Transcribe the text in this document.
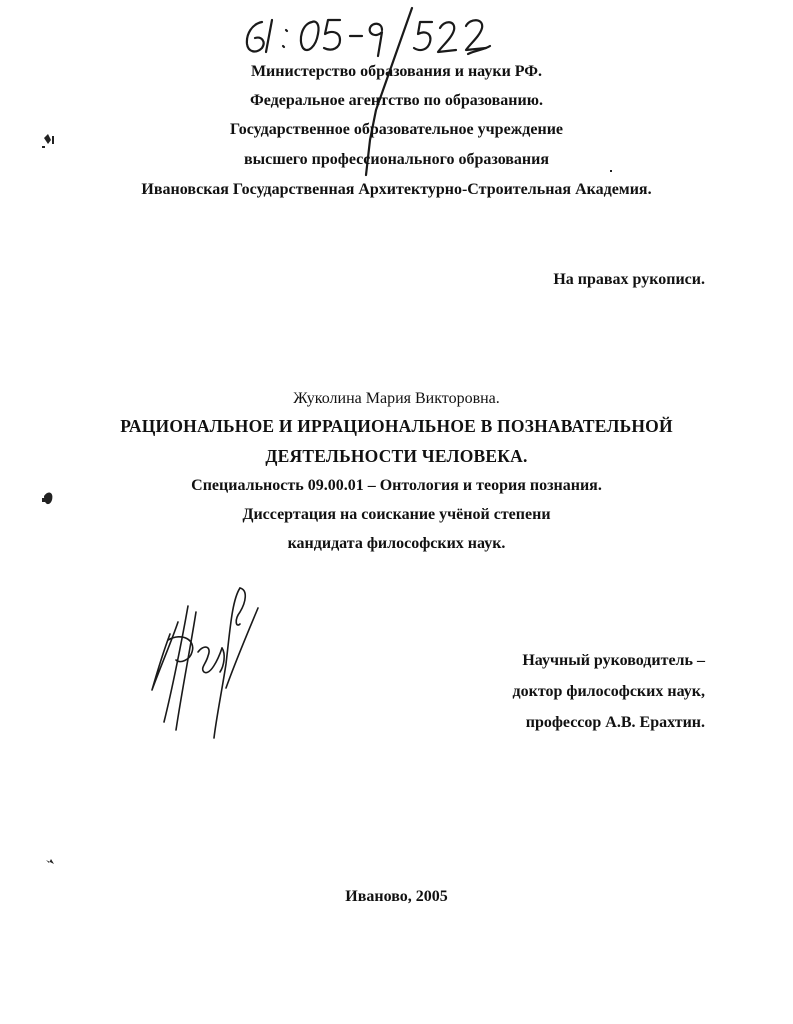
Министерство образования и науки РФ.
Федеральное агентство по образованию.
Государственное образовательное учреждение
высшего профессионального образования
Ивановская Государственная Архитектурно-Строительная Академия.
На правах рукописи.
Жуколина Мария Викторовна.
РАЦИОНАЛЬНОЕ И ИРРАЦИОНАЛЬНОЕ В ПОЗНАВАТЕЛЬНОЙ
ДЕЯТЕЛЬНОСТИ ЧЕЛОВЕКА.
Специальность 09.00.01 – Онтология и теория познания.
Диссертация на соискание учёной степени
кандидата философских наук.
Научный руководитель –
доктор философских наук,
профессор А.В. Ерахтин.
Иваново, 2005
